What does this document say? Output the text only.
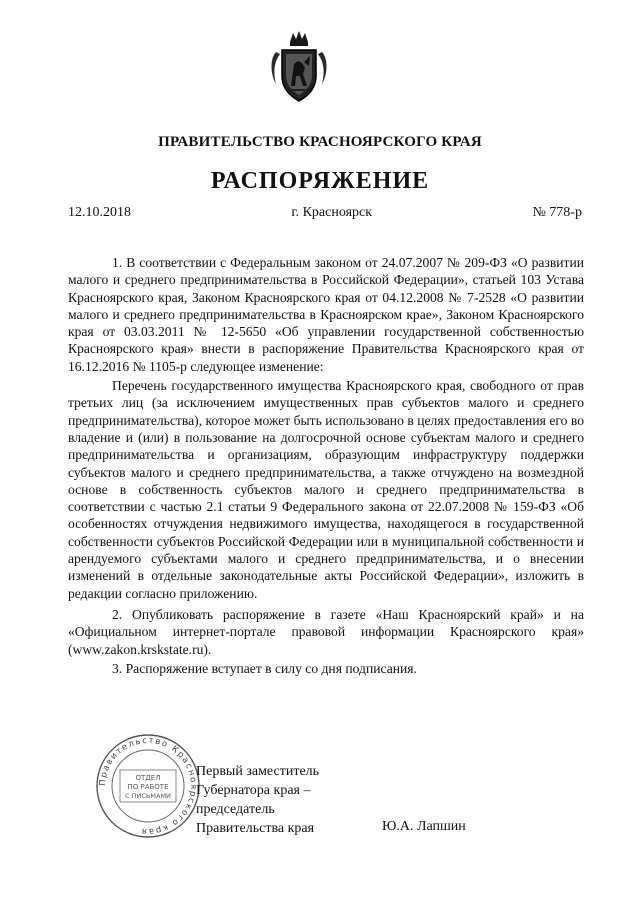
ПРАВИТЕЛЬСТВО КРАСНОЯРСКОГО КРАЯ
РАСПОРЯЖЕНИЕ
12.10.2018	г. Красноярск	№ 778-р

1. В соответствии с Федеральным законом от 24.07.2007 № 209-ФЗ «О развитии малого и среднего предпринимательства в Российской Федерации», статьей 103 Устава Красноярского края, Законом Красноярского края от 04.12.2008 № 7-2528 «О развитии малого и среднего предпринимательства в Красноярском крае», Законом Красноярского края от 03.03.2011 № 12-5650 «Об управлении государственной собственностью Красноярского края» внести в распоряжение Правительства Красноярского края от 16.12.2016 № 1105-р следующее изменение:

Перечень государственного имущества Красноярского края, свободного от прав третьих лиц (за исключением имущественных прав субъектов малого и среднего предпринимательства), которое может быть использовано в целях предоставления его во владение и (или) в пользование на долгосрочной основе субъектам малого и среднего предпринимательства и организациям, образующим инфраструктуру поддержки субъектов малого и среднего предпринимательства, а также отчуждено на возмездной основе в собственность субъектов малого и среднего предпринимательства в соответствии с частью 2.1 статьи 9 Федерального закона от 22.07.2008 № 159-ФЗ «Об особенностях отчуждения недвижимого имущества, находящегося в государственной собственности субъектов Российской Федерации или в муниципальной собственности и арендуемого субъектами малого и среднего предпринимательства, и о внесении изменений в отдельные законодательные акты Российской Федерации», изложить в редакции согласно приложению.

2. Опубликовать распоряжение в газете «Наш Красноярский край» и на «Официальном интернет-портале правовой информации Красноярского края» (www.zakon.krskstate.ru).

3. Распоряжение вступает в силу со дня подписания.

Правительство Красноярского края
ОТДЕЛ
ПО РАБОТЕ
С ПИСЬМАМИ
Первый заместитель
Губернатора края –
председатель
Правительства края	Ю.А. Лапшин
